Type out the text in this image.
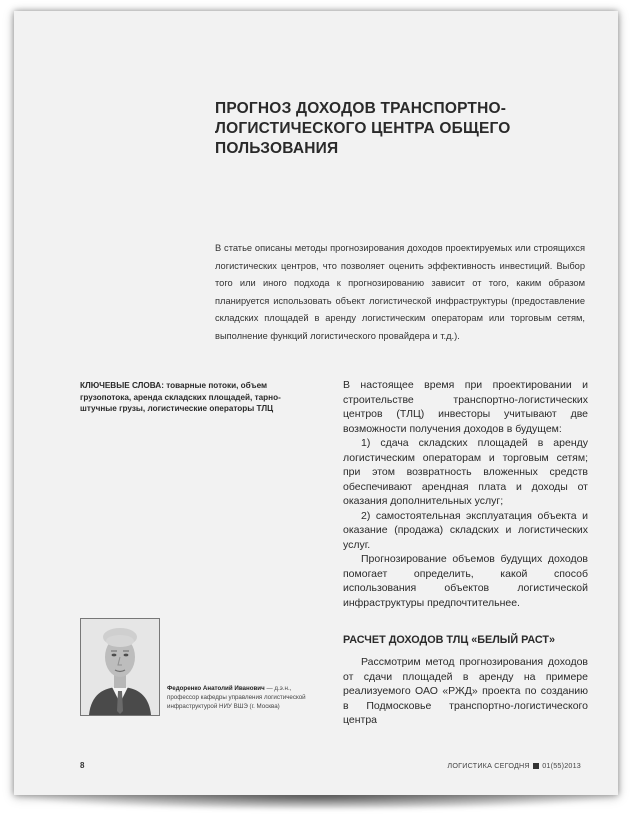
ПРОГНОЗ ДОХОДОВ ТРАНСПОРТНО-ЛОГИСТИЧЕСКОГО ЦЕНТРА ОБЩЕГО ПОЛЬЗОВАНИЯ

В статье описаны методы прогнозирования доходов проектируемых или строящихся логистических центров, что позволяет оценить эффективность инвестиций. Выбор того или иного подхода к прогнозированию зависит от того, каким образом планируется использовать объект логистической инфраструктуры (предоставление складских площадей в аренду логистическим операторам или торговым сетям, выполнение функций логистического провайдера и т.д.).

КЛЮЧЕВЫЕ СЛОВА: товарные потоки, объем грузопотока, аренда складских площадей, тарно-штучные грузы, логистические операторы ТЛЦ

В настоящее время при проектировании и строительстве транспортно-логистических центров (ТЛЦ) инвесторы учитывают две возможности получения доходов в будущем:

1) сдача складских площадей в аренду логистическим операторам и торговым сетям; при этом возвратность вложенных средств обеспечивают арендная плата и доходы от оказания дополнительных услуг;

2) самостоятельная эксплуатация объекта и оказание (продажа) складских и логистических услуг.

Прогнозирование объемов будущих доходов помогает определить, какой способ использования объектов логистической инфраструктуры предпочтительнее.

РАСЧЕТ ДОХОДОВ ТЛЦ «БЕЛЫЙ РАСТ»

Рассмотрим метод прогнозирования доходов от сдачи площадей в аренду на примере реализуемого ОАО «РЖД» проекта по созданию в Подмосковье транспортно-логистического центра

Федоренко Анатолий Иванович — д.э.н., профессор кафедры управления логистической инфраструктурой НИУ ВШЭ (г. Москва)

8	ЛОГИСТИКА СЕГОДНЯ 01(55)2013
